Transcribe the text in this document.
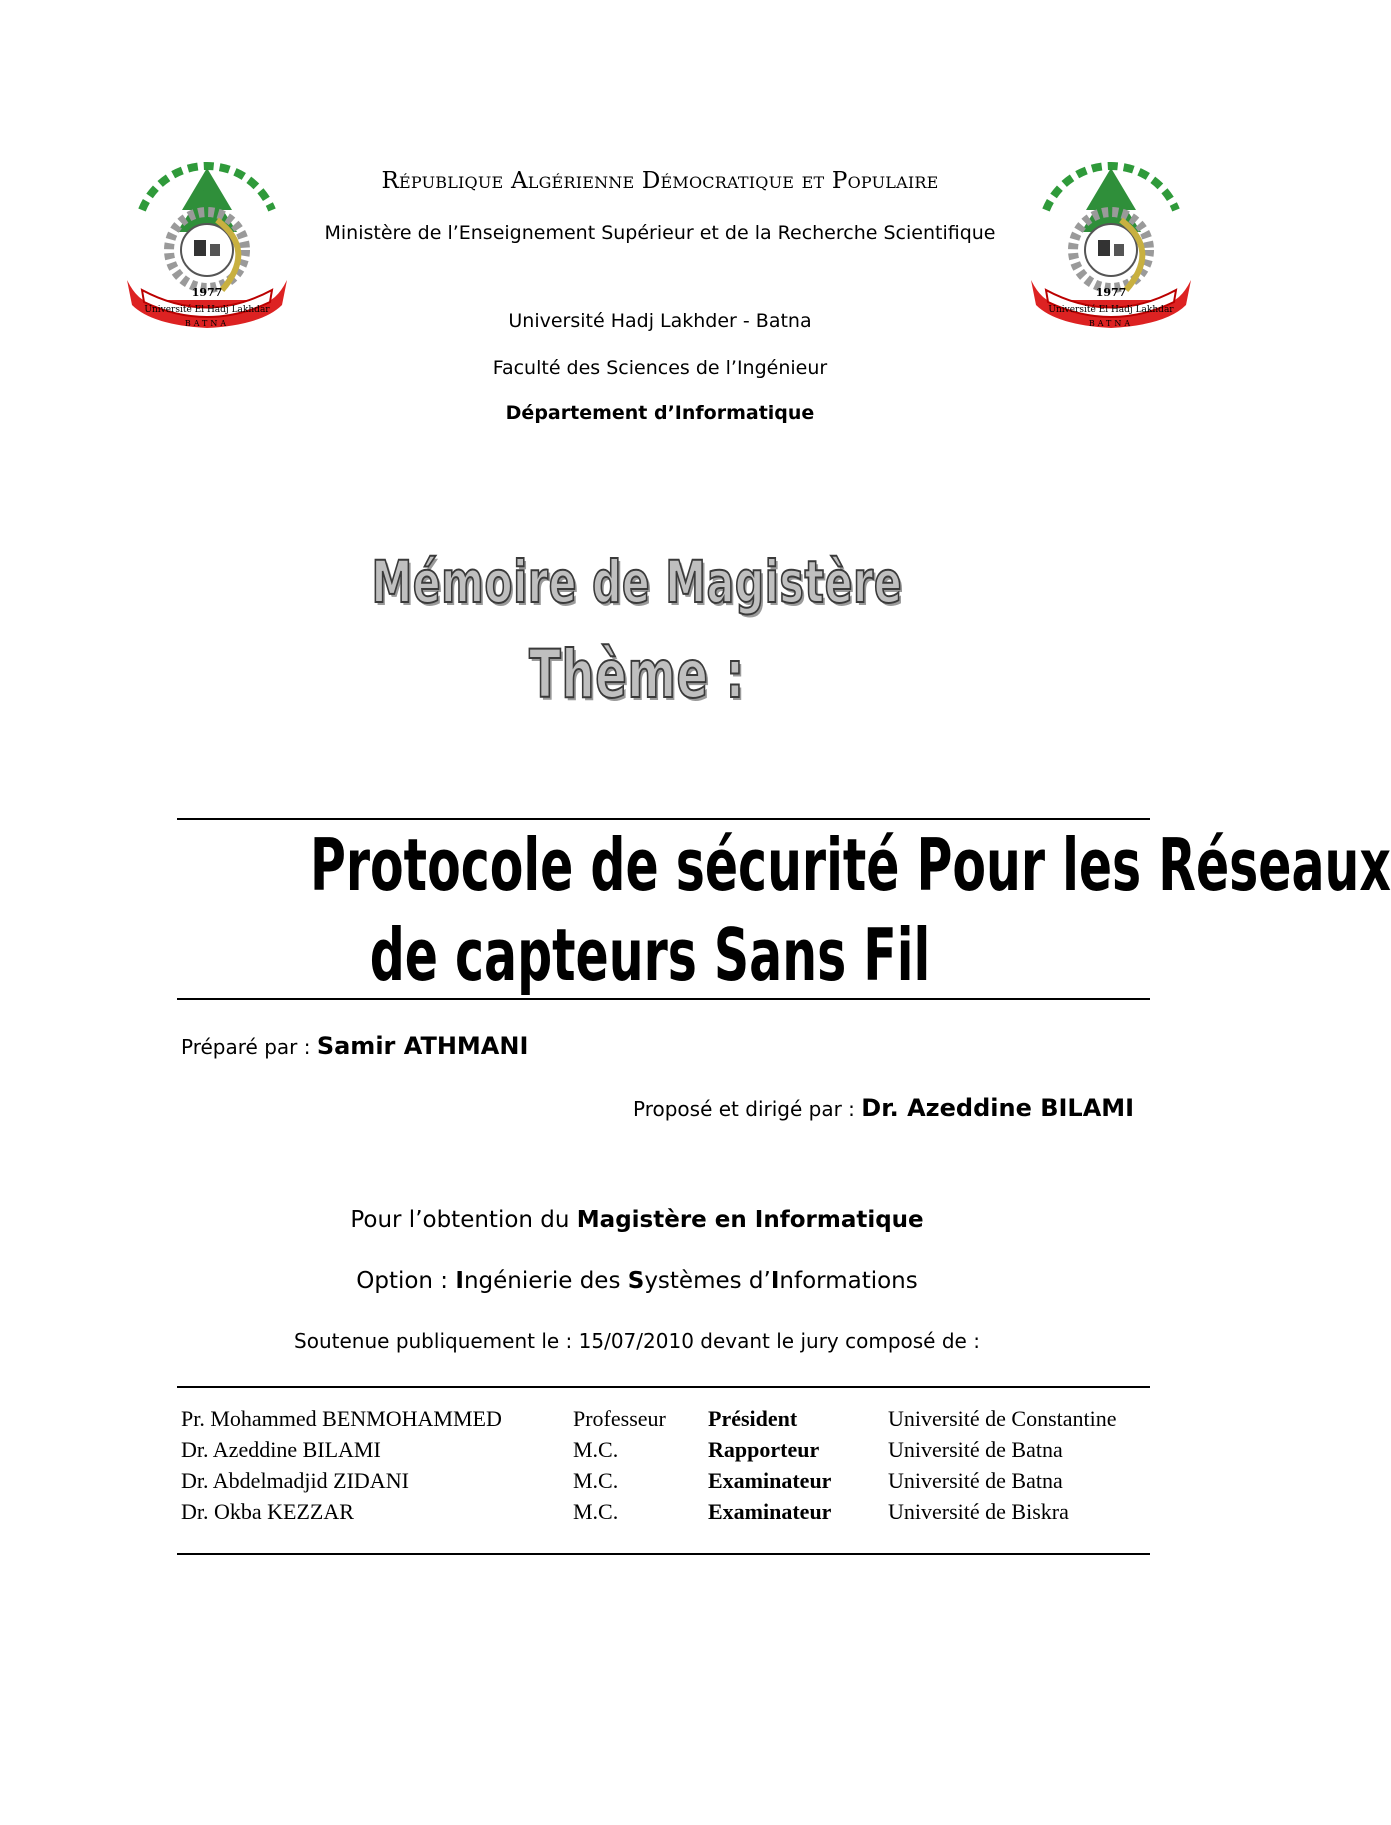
1977
Université El Hadj Lakhdar
BATNA
1977
Université El Hadj Lakhdar
BATNA
République Algérienne Démocratique et Populaire
Ministère de l’Enseignement Supérieur et de la Recherche Scientifique
Université Hadj Lakhder - Batna
Faculté des Sciences de l’Ingénieur
Département d’Informatique
Mémoire de Magistère
Thème :
Protocole de sécurité Pour les Réseaux
de capteurs Sans Fil
Préparé par : Samir ATHMANI
Proposé et dirigé par : Dr. Azeddine BILAMI
Pour l’obtention du Magistère en Informatique
Option : Ingénierie des Systèmes d’Informations
Soutenue publiquement le : 15/07/2010 devant le jury composé de :
Pr. Mohammed BENMOHAMMED	Professeur Président	Université de Constantine
Dr. Azeddine BILAMI	M.C.	Rapporteur	Université de Batna
Dr. Abdelmadjid ZIDANI	M.C.	Examinateur	Université de Batna
Dr. Okba KEZZAR	M.C.	Examinateur	Université de Biskra
